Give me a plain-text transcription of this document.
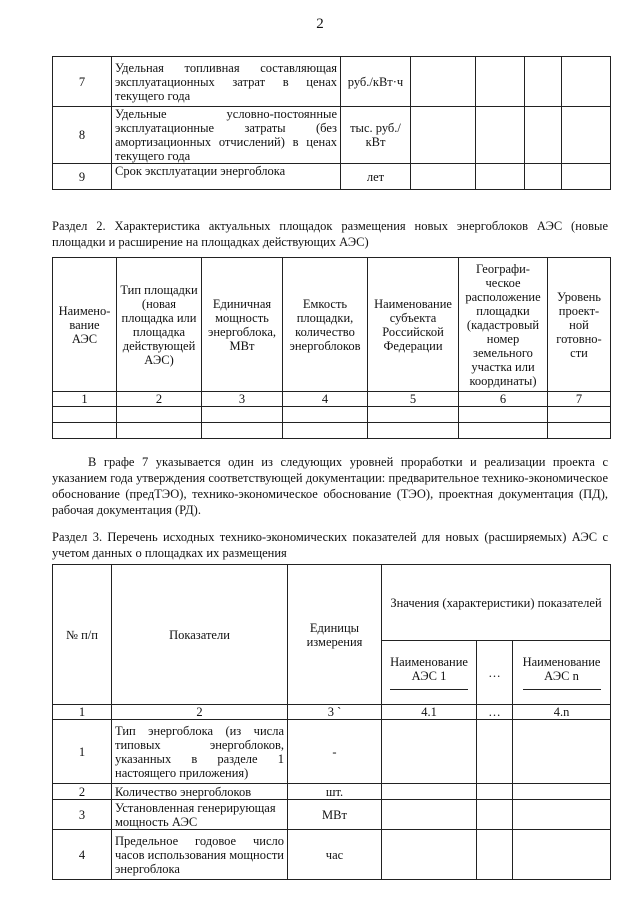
2
7	Удельная топливная составляющая эксплуатационных затрат в ценах текущего года	руб./кВт·ч				
8	Удельные условно-постоянные эксплуатационные затраты (без амортизационных отчислений) в ценах текущего года	тыс. руб./кВт				
9	Срок эксплуатации энергоблока	лет				
Раздел 2. Характеристика актуальных площадок размещения новых энергоблоков АЭС (новые площадки и расширение на площадках действующих АЭС)
Наимено-вание АЭС	Тип площадки (новая площадка или площадка действующей АЭС)	Единичная мощность энергоблока, МВт	Емкость площадки, количество энергоблоков	Наименование субъекта Российской Федерации	Географи-ческое расположение площадки (кадастровый номер земельного участка или координаты)	Уровень проект-ной готовно-сти
1	2	3	4	5	6	7

В графе 7 указывается один из следующих уровней проработки и реализации проекта с указанием года утверждения соответствующей документации: предварительное технико-экономическое обоснование (предТЭО), технико-экономическое обоснование (ТЭО), проектная документация (ПД), рабочая документация (РД).
Раздел 3. Перечень исходных технико-экономических показателей для новых (расширяемых) АЭС с учетом данных о площадках их размещения
№ п/п	Показатели	Единицы измерения	Значения (характеристики) показателей		
			Наименование АЭС 1	…	Наименование АЭС n

1	2	3 `	4.1	…	4.n
1	Тип энергоблока (из числа типовых энергоблоков, указанных в разделе 1 настоящего приложения)	-			
2	Количество энергоблоков	шт.			
3	Установленная генерирующая мощность АЭС	МВт			
4	Предельное годовое число часов использования мощности энергоблока	час			
